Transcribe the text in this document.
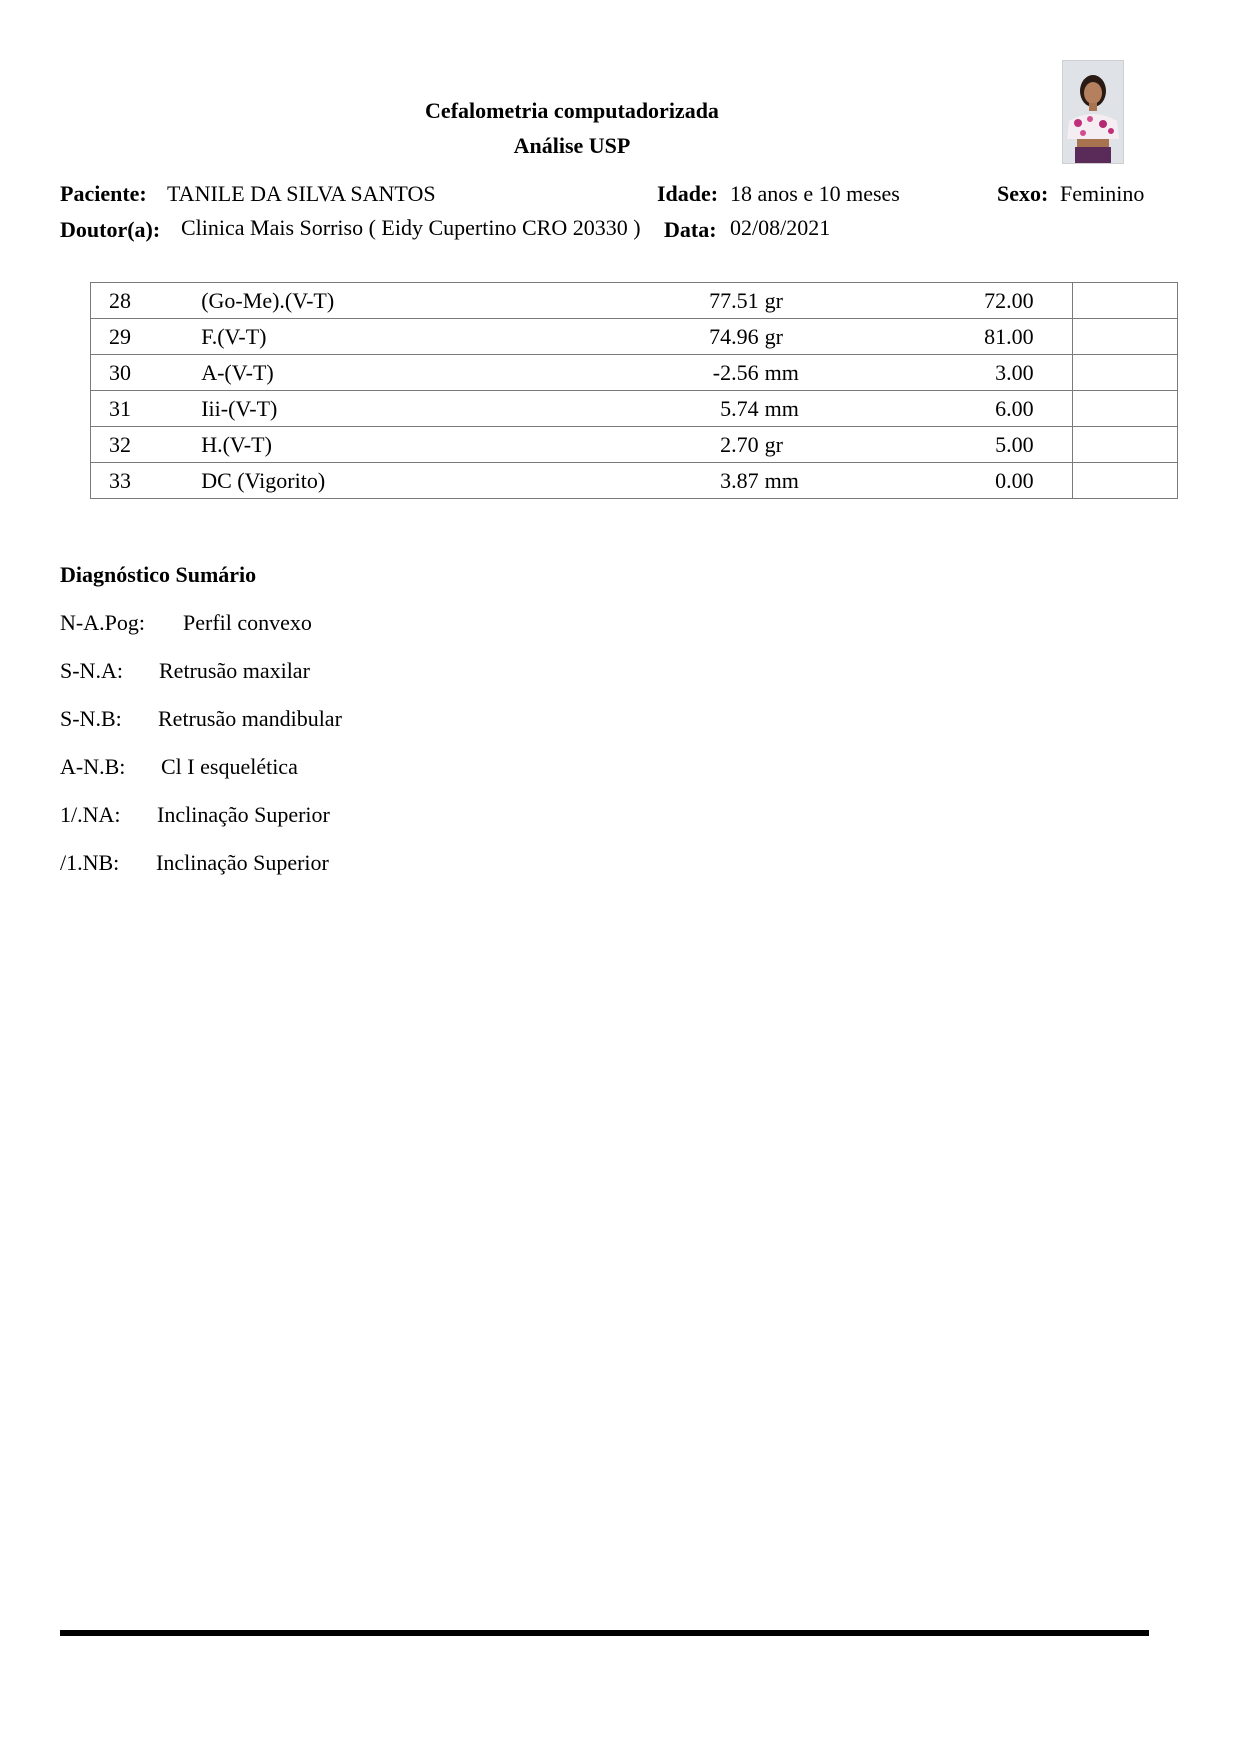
Cefalometria computadorizada
Análise USP
Paciente: TANILE DA SILVA SANTOS	Idade: 18 anos e 10 meses	Sexo: Feminino
Doutor(a): Clinica Mais Sorriso ( Eidy Cupertino CRO 20330 ) Data: 02/08/2021
28	(Go-Me).(V-T)	77.51 gr	72.00		
29	F.(V-T)	74.96 gr	81.00		
30	A-(V-T)	-2.56 mm	3.00		
31	Iii-(V-T)	5.74 mm	6.00		
32	H.(V-T)	2.70 gr	5.00		
33	DC (Vigorito)	3.87 mm	0.00		
Diagnóstico Sumário
N-A.Pog: Perfil convexo
S-N.A: Retrusão maxilar
S-N.B: Retrusão mandibular
A-N.B: Cl I esquelética
1/.NA: Inclinação Superior
/1.NB: Inclinação Superior
